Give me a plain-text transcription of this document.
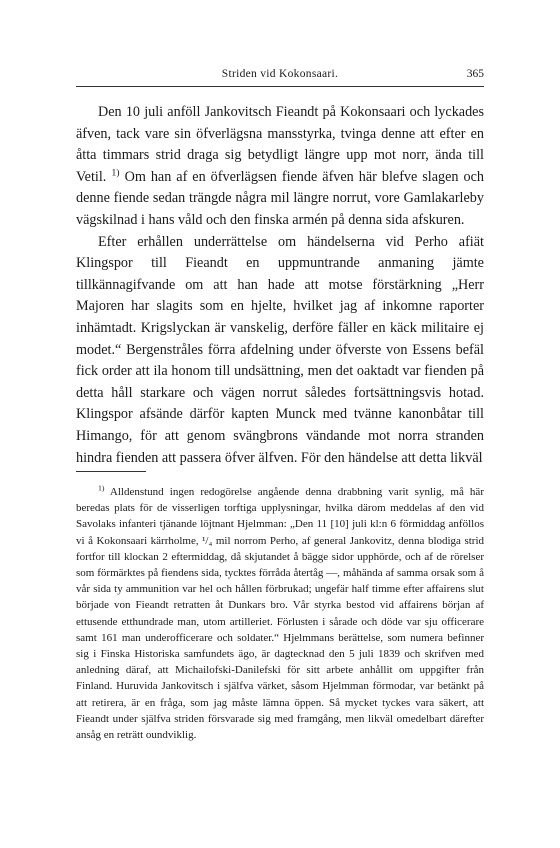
Striden vid Kokonsaari.	365

Den 10 juli anföll Jankovitsch Fieandt på Kokonsaari och lyckades äfven, tack vare sin öfverlägsna mansstyrka, tvinga denne att efter en åtta timmars strid draga sig betydligt längre upp mot norr, ända till Vetil. $^{1)}$ Om han af en öfverlägsen fiende äfven här blefve slagen och denne fiende sedan trängde några mil längre norrut, vore Gamlakarleby vägskilnad i hans våld och den finska armén på denna sida afskuren.

Efter erhållen underrättelse om händelserna vid Perho afiät Klingspor till Fieandt en uppmuntrande anmaning jämte tillkännagifvande om att han hade att motse förstärkning „Herr Majoren har slagits som en hjelte, hvilket jag af inkomne raporter inhämtadt. Krigslyckan är vanskelig, derföre fäller en käck militaire ej modet.“ Bergenstråles förra afdelning under öfverste von Essens befäl fick order att ila honom till undsättning, men det oaktadt var fienden på detta håll starkare och vägen norrut således fortsättningsvis hotad. Klingspor afsände därför kapten Munck med tvänne kanonbåtar till Himango, för att genom svängbrons vändande mot norra stranden hindra fienden att passera öfver älfven. För den händelse att detta likväl

$^{1)}$ Alldenstund ingen redogörelse angående denna drabbning varit synlig, må här beredas plats för de visserligen torftiga upplysningar, hvilka därom meddelas af den vid Savolaks infanteri tjänande löjtnant Hjelmman: „Den 11 [10] juli kl:n 6 förmiddag anföllos vi å Kokonsaari kärrholme, ¹/₄ mil norrom Perho, af general Jankovitz, denna blodiga strid fortfor till klockan 2 eftermiddag, då skjutandet å bägge sidor upphörde, och af de rörelser som förmärktes på fiendens sida, tycktes förråda återtåg —, måhända af samma orsak som å vår sida ty ammunition var hel och hållen förbrukad; ungefär half timme efter affairens slut började von Fieandt retratten åt Dunkars bro. Vår styrka bestod vid affairens början af ettusende etthundrade man, utom artilleriet. Förlusten i sårade och döde var sju officerare samt 161 man underofficerare och soldater.“ Hjelmmans berättelse, som numera befinner sig i Finska Historiska samfundets ägo, är dagtecknad den 5 juli 1839 och skrifven med anledning däraf, att Michailofski-Danilefski för sitt arbete anhållit om uppgifter från Finland. Huruvida Jankovitsch i själfva värket, såsom Hjelmman förmodar, var betänkt på att retirera, är en fråga, som jag måste lämna öppen. Så mycket tyckes vara säkert, att Fieandt under själfva striden försvarade sig med framgång, men likväl omedelbart därefter ansåg en reträtt oundviklig.
